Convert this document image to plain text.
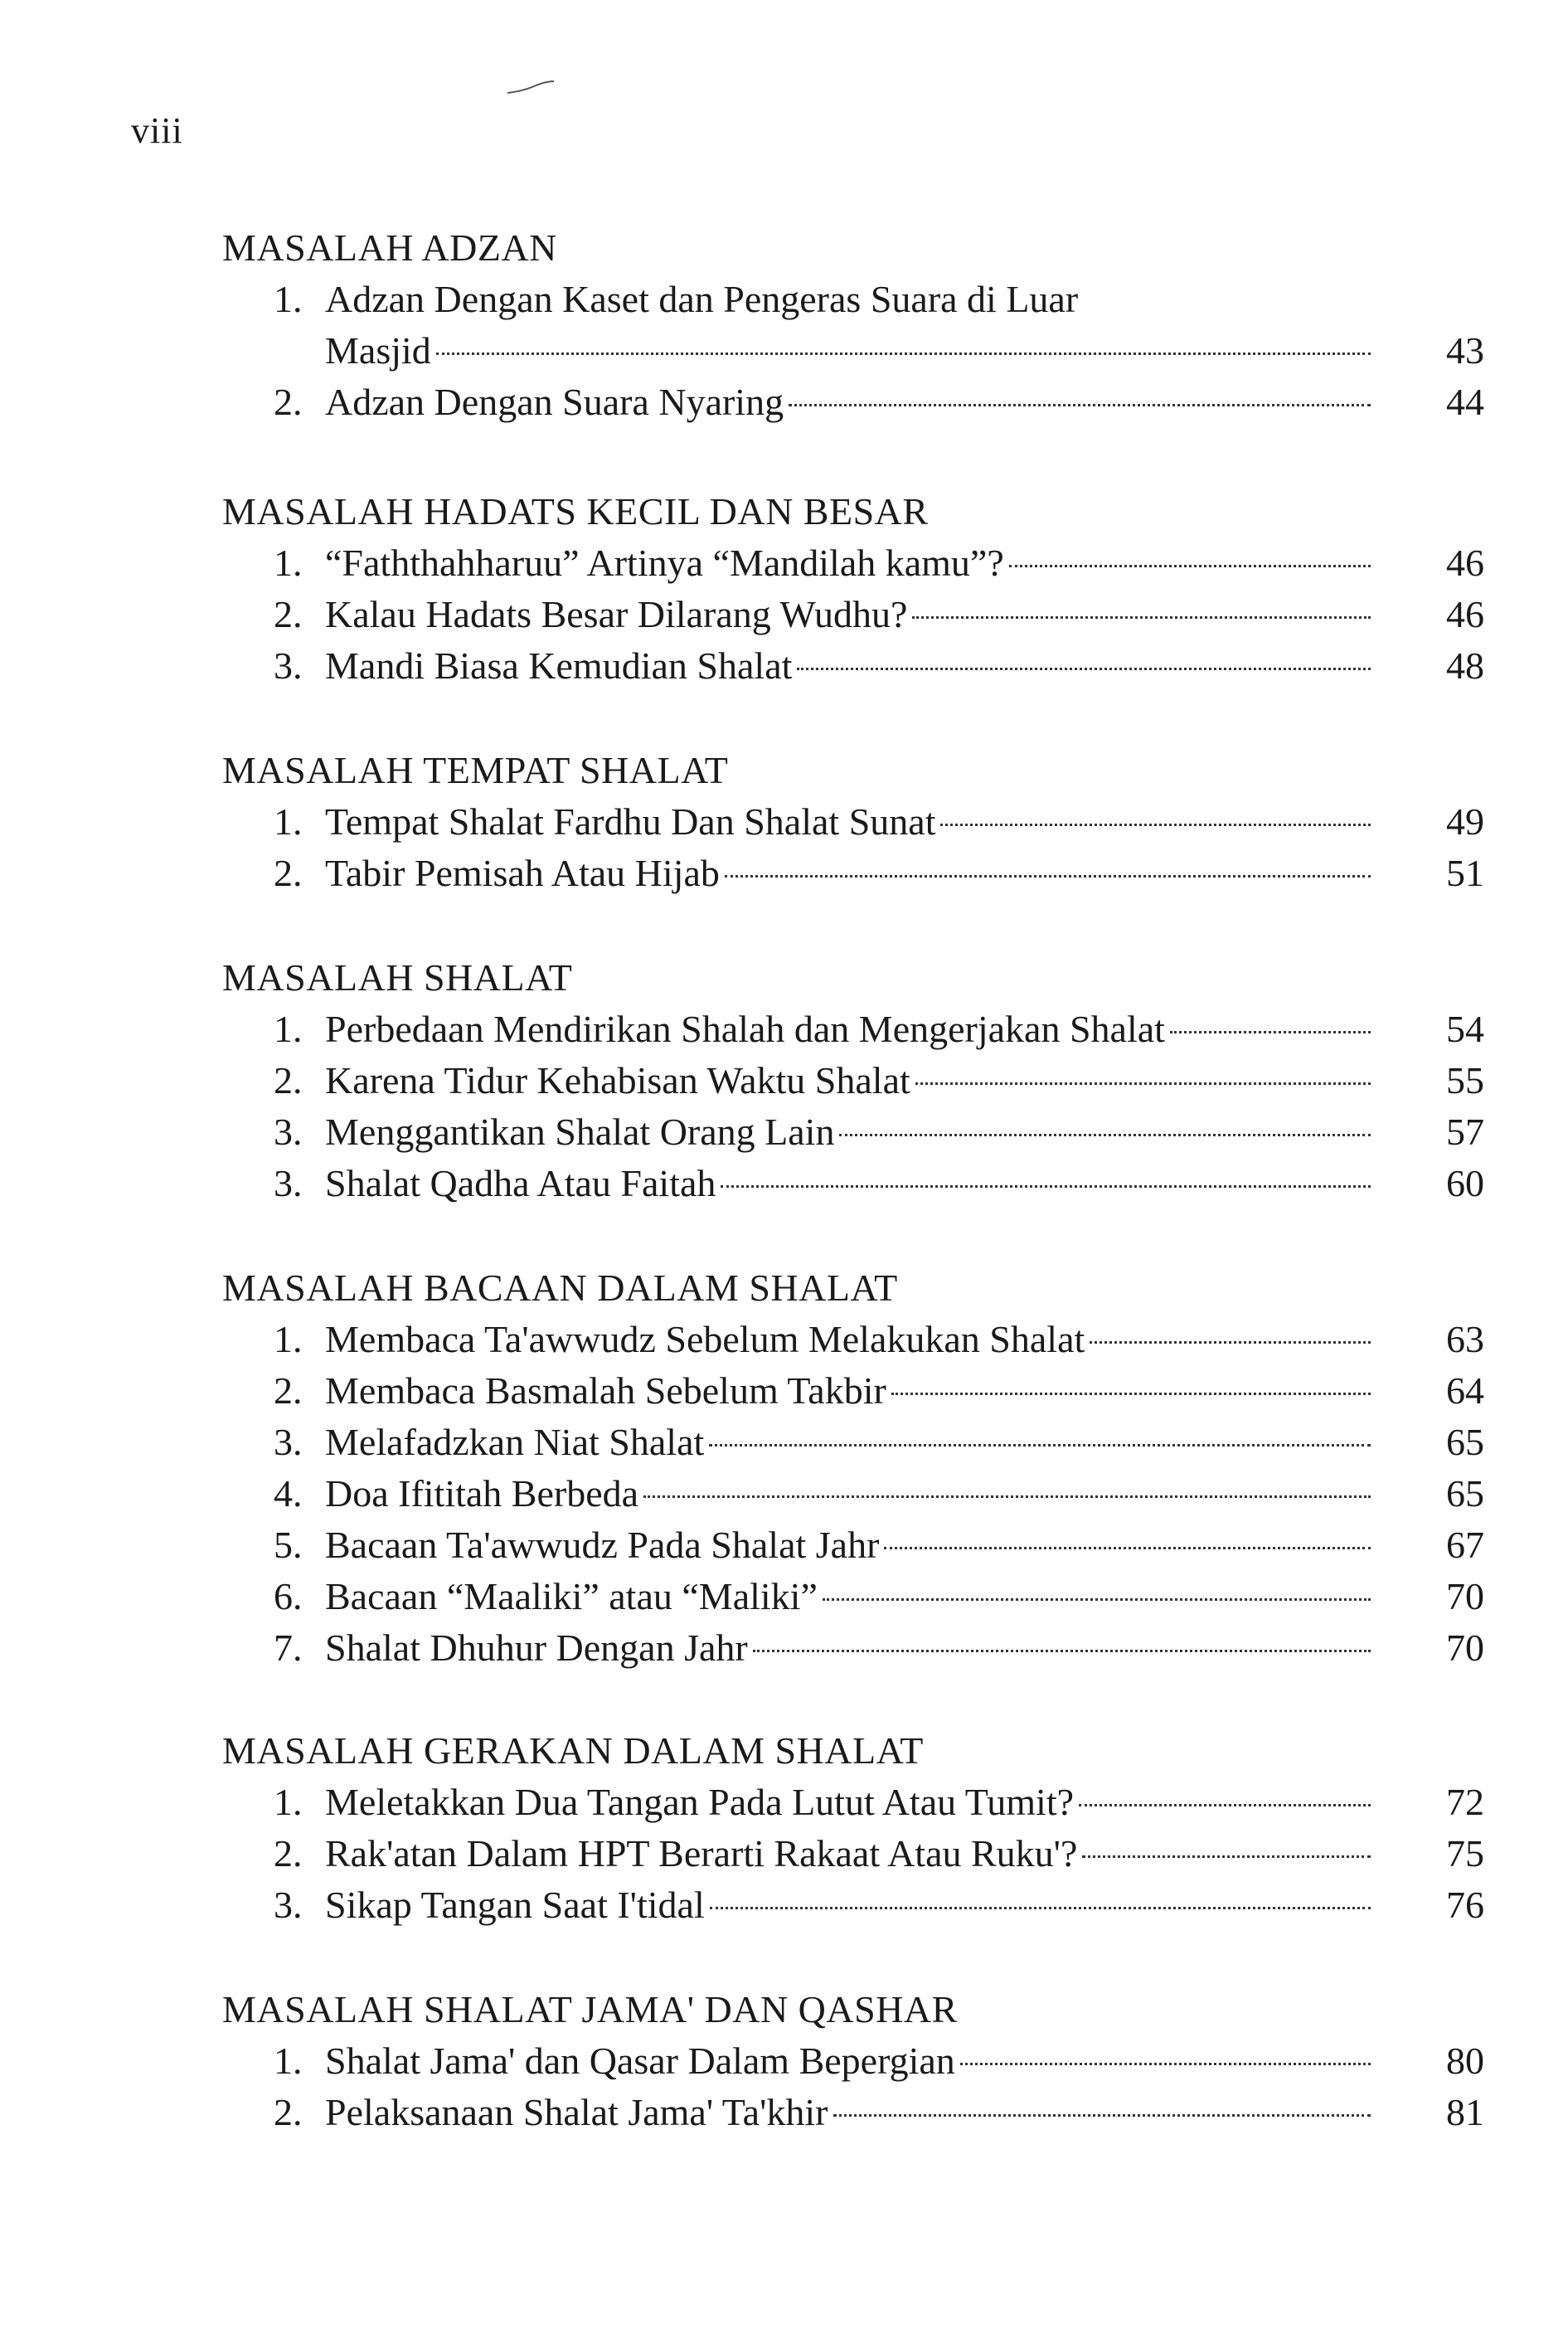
viii
MASALAH ADZAN
1. Adzan Dengan Kaset dan Pengeras Suara di Luar
Masjid	43
2. Adzan Dengan Suara Nyaring	44
MASALAH HADATS KECIL DAN BESAR
1. “Faththahharuu” Artinya “Mandilah kamu”?	46
2. Kalau Hadats Besar Dilarang Wudhu?	46
3. Mandi Biasa Kemudian Shalat	48
MASALAH TEMPAT SHALAT
1. Tempat Shalat Fardhu Dan Shalat Sunat	49
2. Tabir Pemisah Atau Hijab	51
MASALAH SHALAT
1. Perbedaan Mendirikan Shalah dan Mengerjakan Shalat	54
2. Karena Tidur Kehabisan Waktu Shalat	55
3. Menggantikan Shalat Orang Lain	57
3. Shalat Qadha Atau Faitah	60
MASALAH BACAAN DALAM SHALAT
1. Membaca Ta'awwudz Sebelum Melakukan Shalat	63
2. Membaca Basmalah Sebelum Takbir	64
3. Melafadzkan Niat Shalat	65
4. Doa Ifititah Berbeda	65
5. Bacaan Ta'awwudz Pada Shalat Jahr	67
6. Bacaan “Maaliki” atau “Maliki”	70
7. Shalat Dhuhur Dengan Jahr	70
MASALAH GERAKAN DALAM SHALAT
1. Meletakkan Dua Tangan Pada Lutut Atau Tumit?	72
2. Rak'atan Dalam HPT Berarti Rakaat Atau Ruku'?	75
3. Sikap Tangan Saat I'tidal	76
MASALAH SHALAT JAMA' DAN QASHAR
1. Shalat Jama' dan Qasar Dalam Bepergian	80
2. Pelaksanaan Shalat Jama' Ta'khir	81
